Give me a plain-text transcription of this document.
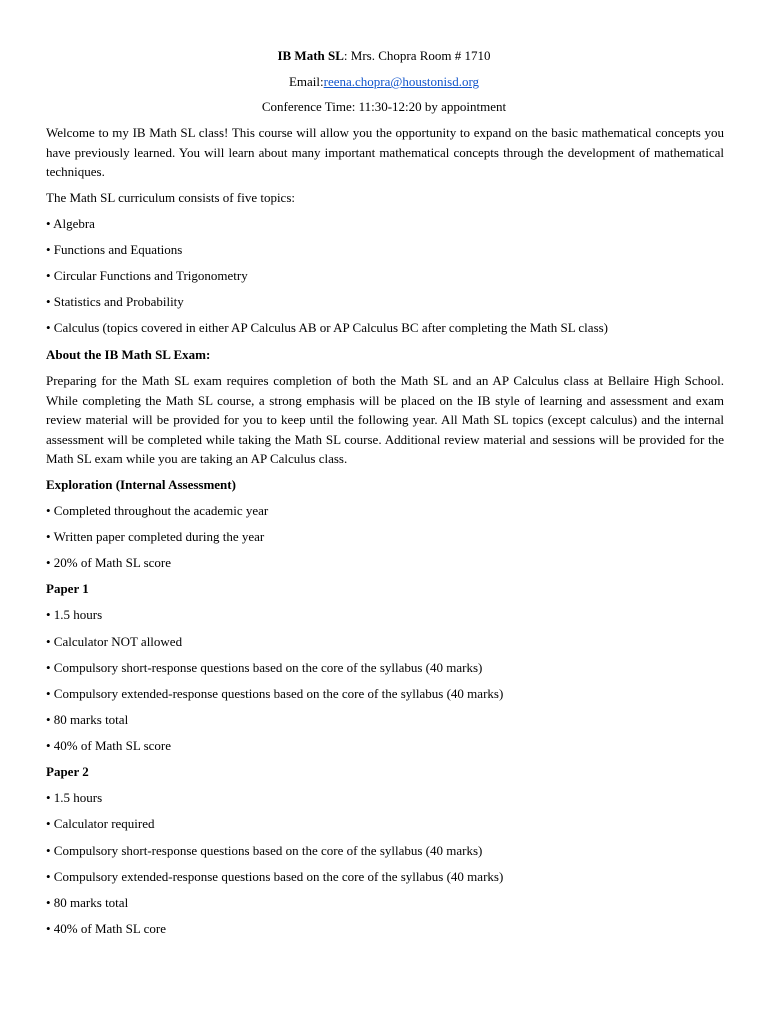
IB Math SL: Mrs. Chopra Room # 1710
Email:reena.chopra@houstonisd.org
Conference Time: 11:30-12:20 by appointment
Welcome to my IB Math SL class! This course will allow you the opportunity to expand on the basic mathematical concepts you have previously learned. You will learn about many important mathematical concepts through the development of mathematical techniques.
The Math SL curriculum consists of five topics:
• Algebra
• Functions and Equations
• Circular Functions and Trigonometry
• Statistics and Probability
• Calculus (topics covered in either AP Calculus AB or AP Calculus BC after completing the Math SL class)
About the IB Math SL Exam:
Preparing for the Math SL exam requires completion of both the Math SL and an AP Calculus class at Bellaire High School. While completing the Math SL course, a strong emphasis will be placed on the IB style of learning and assessment and exam review material will be provided for you to keep until the following year. All Math SL topics (except calculus) and the internal assessment will be completed while taking the Math SL course. Additional review material and sessions will be provided for the Math SL exam while you are taking an AP Calculus class.
Exploration (Internal Assessment)
• Completed throughout the academic year
• Written paper completed during the year
• 20% of Math SL score
Paper 1
• 1.5 hours
• Calculator NOT allowed
• Compulsory short-response questions based on the core of the syllabus (40 marks)
• Compulsory extended-response questions based on the core of the syllabus (40 marks)
• 80 marks total
• 40% of Math SL score
Paper 2
• 1.5 hours
• Calculator required
• Compulsory short-response questions based on the core of the syllabus (40 marks)
• Compulsory extended-response questions based on the core of the syllabus (40 marks)
• 80 marks total
• 40% of Math SL core
